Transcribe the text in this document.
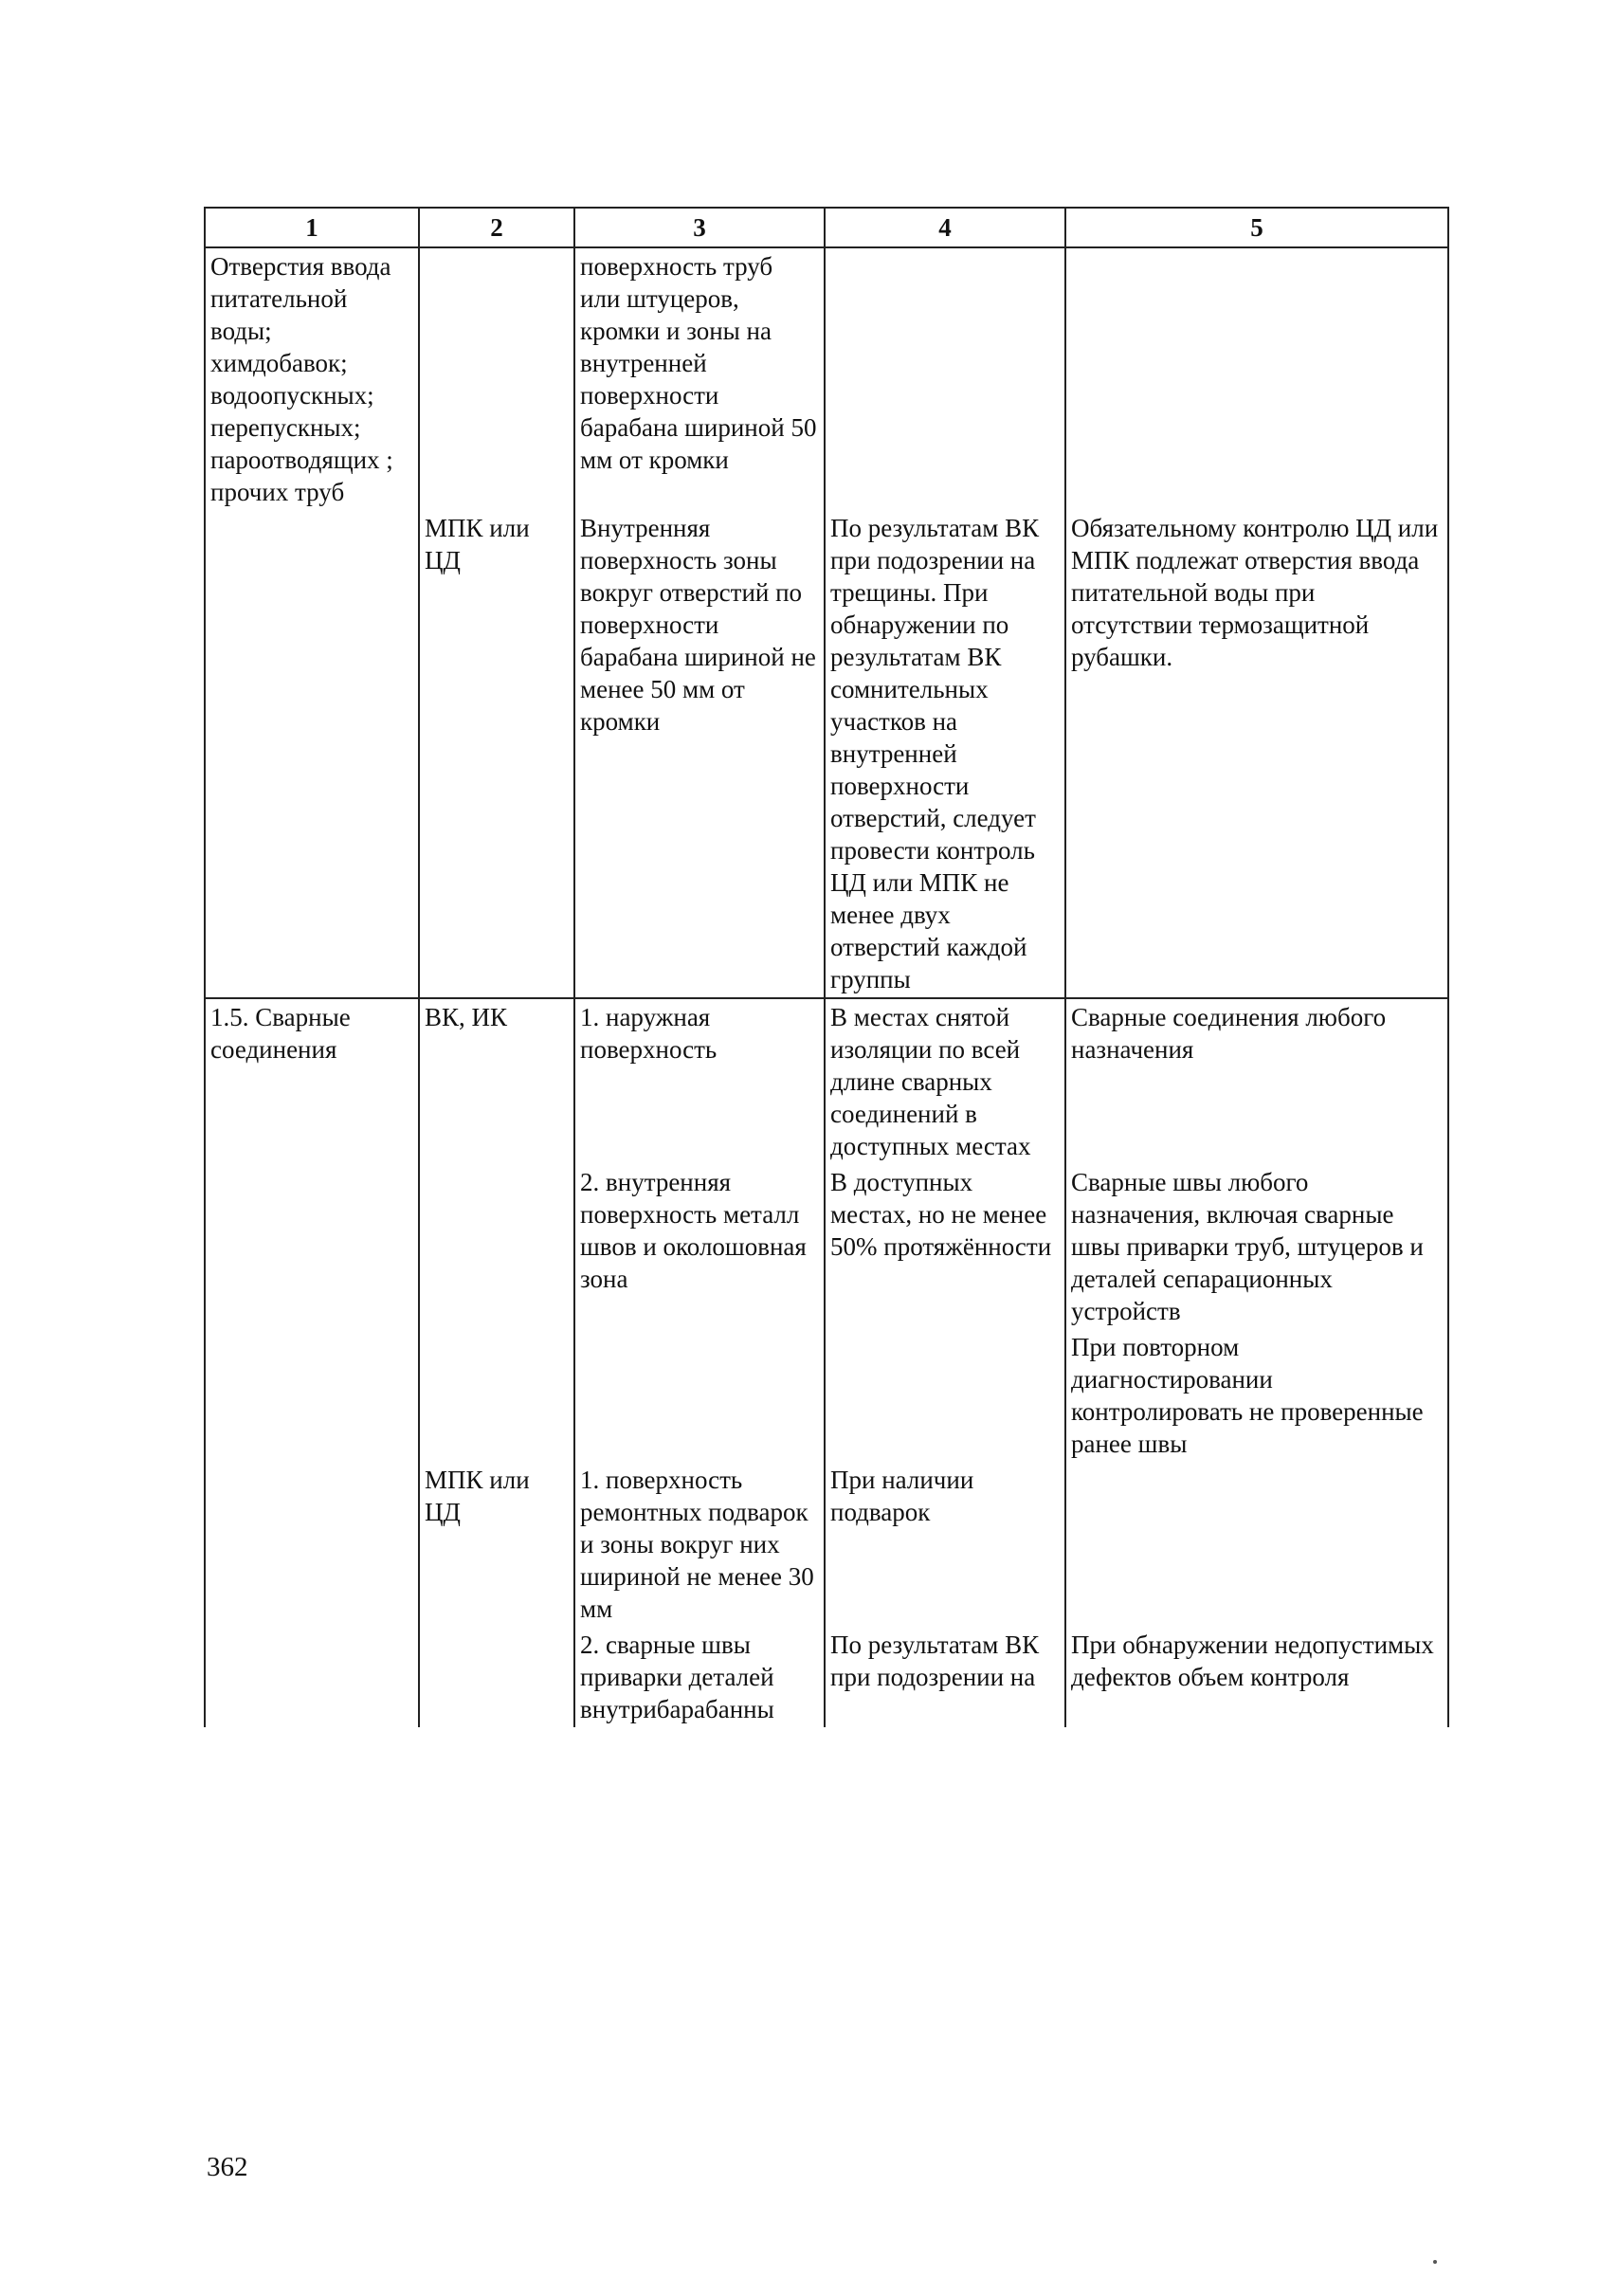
1	2	3	4	5
Отверстия ввода питательной воды; химдобавок; водоопускных; перепускных; пароотводящих ; прочих труб		поверхность труб или штуцеров, кромки и зоны на внутренней поверхности барабана шириной 50 мм от кромки		
	МПК или ЦД	Внутренняя поверхность зоны вокруг отверстий по поверхности барабана шириной не менее 50 мм от кромки	По результатам ВК при подозрении на трещины. При обнаружении по результатам ВК сомнительных участков на внутренней поверхности отверстий, следует провести контроль ЦД или МПК не менее двух отверстий каждой группы	Обязательному контролю ЦД или МПК подлежат отверстия ввода питательной воды при отсутствии термозащитной рубашки.
1.5. Сварные соединения	ВК, ИК	1. наружная поверхность	В местах снятой изоляции по всей длине сварных соединений в доступных местах	Сварные соединения любого назначения
		2. внутренняя поверхность металл швов и околошовная зона	В доступных местах, но не менее 50% протяжённости	Сварные швы любого назначения, включая сварные швы приварки труб, штуцеров и деталей сепарационных устройств
				При повторном диагностировании контролировать не проверенные ранее швы
	МПК или ЦД	1. поверхность ремонтных подварок и зоны вокруг них шириной не менее 30 мм	При наличии подварок	
		2. сварные швы приварки деталей внутрибарабанны	По результатам ВК при подозрении на	При обнаружении недопустимых дефектов объем контроля
362
